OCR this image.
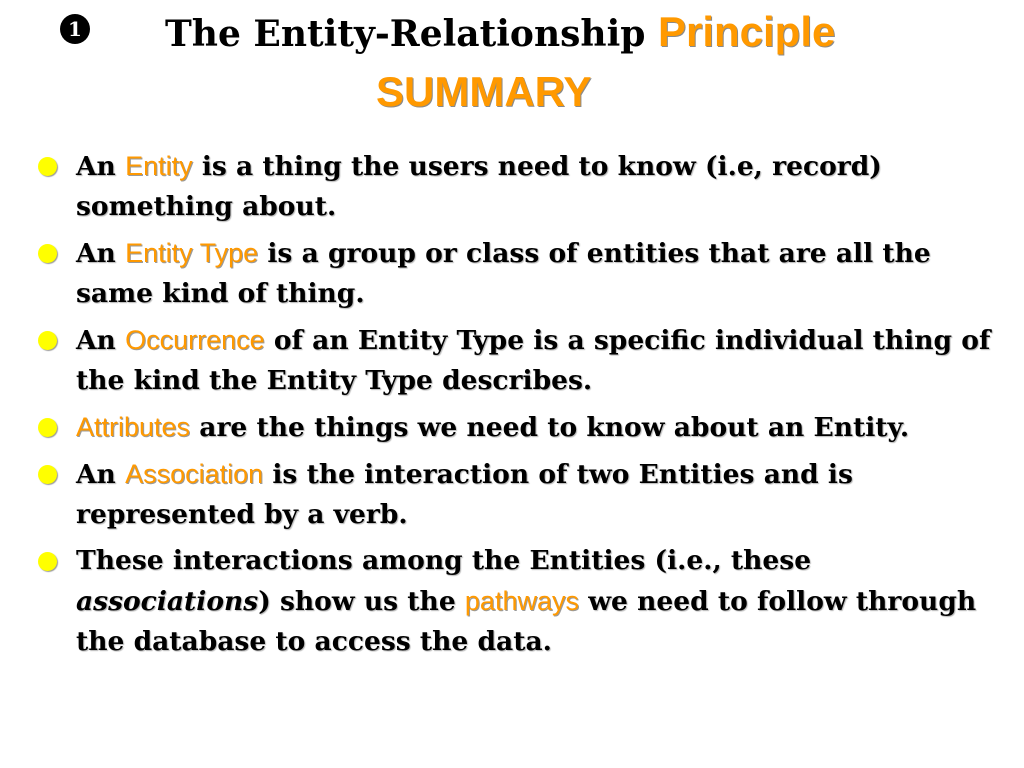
1 The Entity-Relationship Principle
SUMMARY
An Entity is a thing the users need to know (i.e, record) something about.
An Entity Type is a group or class of entities that are all the same kind of thing.
An Occurrence of an Entity Type is a specific individual thing of the kind the Entity Type describes.
Attributes are the things we need to know about an Entity.
An Association is the interaction of two Entities and is represented by a verb.
These interactions among the Entities (i.e., these associations) show us the pathways we need to follow through the database to access the data.
